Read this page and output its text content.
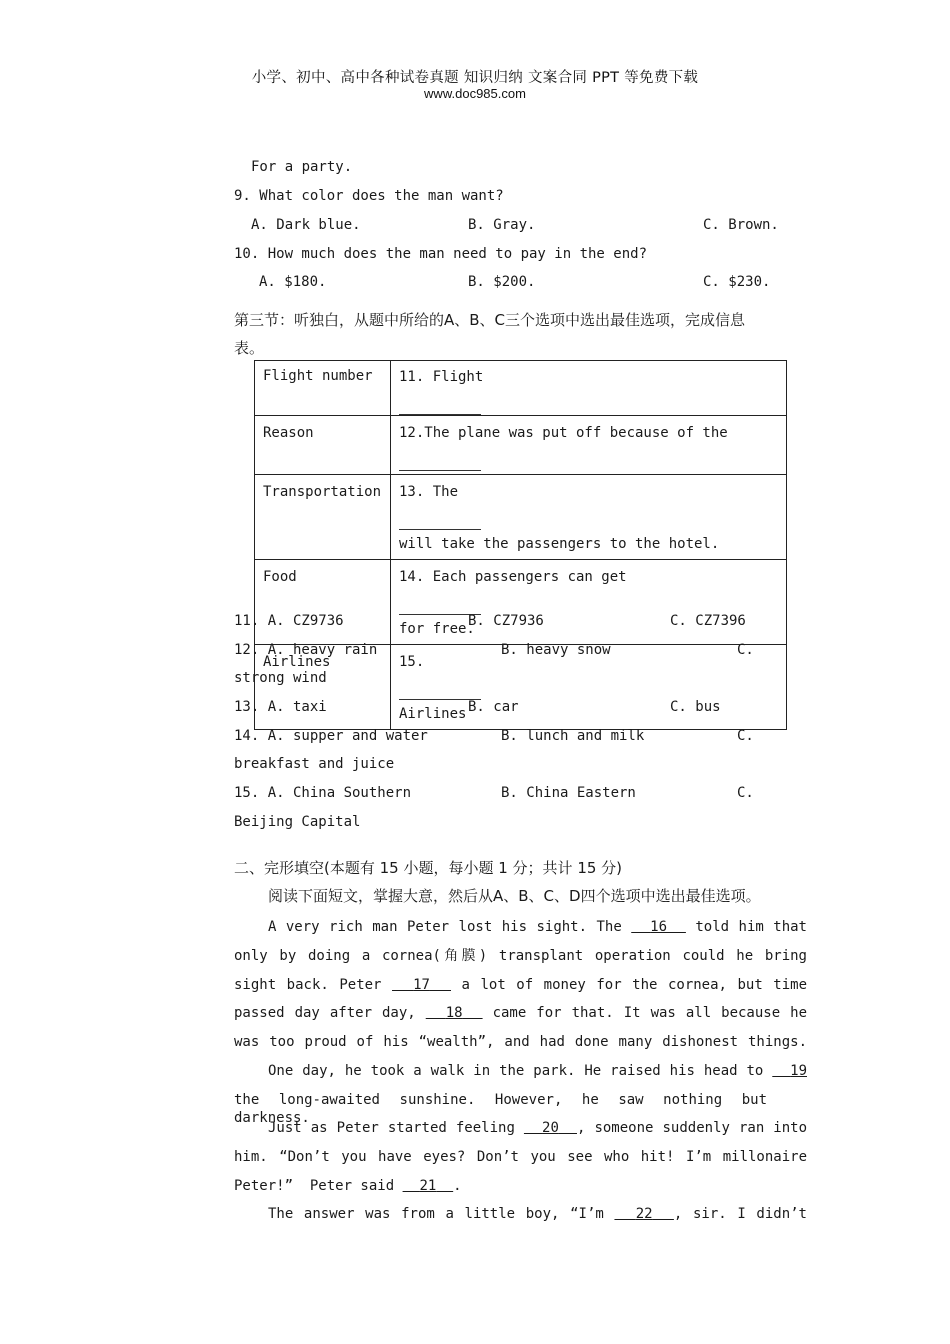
小学、初中、高中各种试卷真题 知识归纳 文案合同 PPT 等免费下载
www.doc985.com
For a party.
9. What color does the man want?
A. Dark blue.	B. Gray.	C. Brown.
10. How much does the man need to pay in the end?
A. $180.	B. $200.	C. $230.
第三节：听独白，从题中所给的A、B、C三个选项中选出最佳选项，完成信息
表。
Flight number	11. Flight

Reason	12.The plane was put off because of the

Transportation	13. The
will take the passengers to the hotel.

Food	14. Each passengers can get
for free.

Airlines	15.
Airlines
11. A. CZ9736	B. CZ7936	C. CZ7396
12. A. heavy rain	B. heavy snow	C.
strong wind
13. A. taxi	B. car	C. bus
14. A. supper and water	B. lunch and milk	C.
breakfast and juice
15. A. China Southern	B. China Eastern	C.
Beijing Capital
二、完形填空(本题有 15 小题，每小题 1 分；共计 15 分)
阅读下面短文，掌握大意，然后从A、B、C、D四个选项中选出最佳选项。
A very rich man Peter lost his sight. The   16   told him that
only by doing a cornea(角膜) transplant operation could he bring
sight back. Peter   17   a lot of money for the cornea, but time
passed day after day,   18   came for that. It was all because he
was too proud of his “wealth”, and had done many dishonest things.
One day, he took a walk in the park. He raised his head to   19
the long-awaited sunshine. However, he saw nothing but darkness.
Just as Peter started feeling   20 , someone suddenly ran into
him. “Don’t you have eyes? Don’t you see who hit! I’m millonaire
Peter!”  Peter said   21 .
The answer was from a little boy, “I’m   22 , sir. I didn’t
